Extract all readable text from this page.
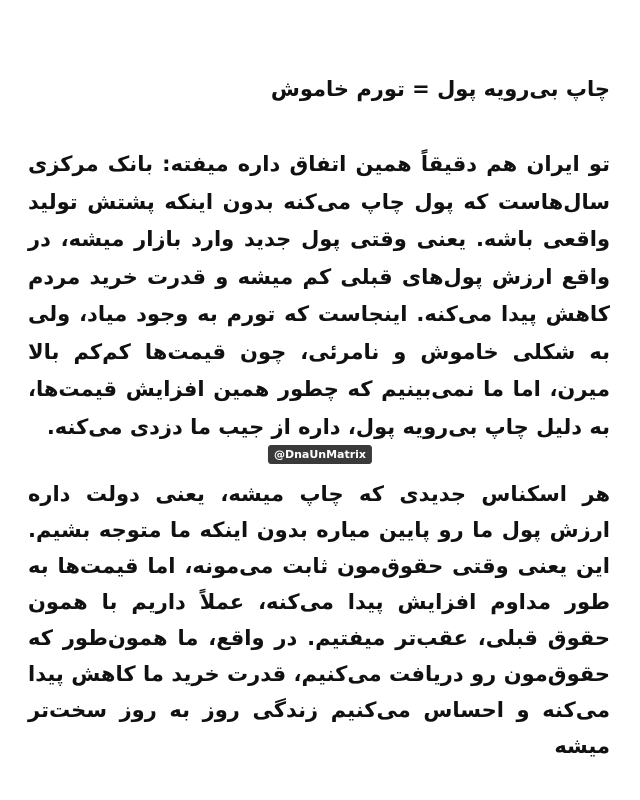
چاپ بی‌رویه پول = تورم خاموش

تو ایران هم دقیقاً همین اتفاق داره میفته: بانک مرکزی سال‌هاست که پول چاپ می‌کنه بدون اینکه پشتش تولید واقعی باشه. یعنی وقتی پول جدید وارد بازار میشه، در واقع ارزش پول‌های قبلی کم میشه و قدرت خرید مردم کاهش پیدا می‌کنه. اینجاست که تورم به وجود میاد، ولی به شکلی خاموش و نامرئی، چون قیمت‌ها کم‌کم بالا میرن، اما ما نمی‌بینیم که چطور همین افزایش قیمت‌ها، به دلیل چاپ بی‌رویه پول، داره از جیب ما دزدی می‌کنه.

@DnaUnMatrix

هر اسکناس جدیدی که چاپ میشه، یعنی دولت داره ارزش پول ما رو پایین میاره بدون اینکه ما متوجه بشیم. این یعنی وقتی حقوق‌مون ثابت می‌مونه، اما قیمت‌ها به طور مداوم افزایش پیدا می‌کنه، عملاً داریم با همون حقوق قبلی، عقب‌تر میفتیم. در واقع، ما همون‌طور که حقوق‌مون رو دریافت می‌کنیم، قدرت خرید ما کاهش پیدا می‌کنه و احساس می‌کنیم زندگی روز به روز سخت‌تر میشه
